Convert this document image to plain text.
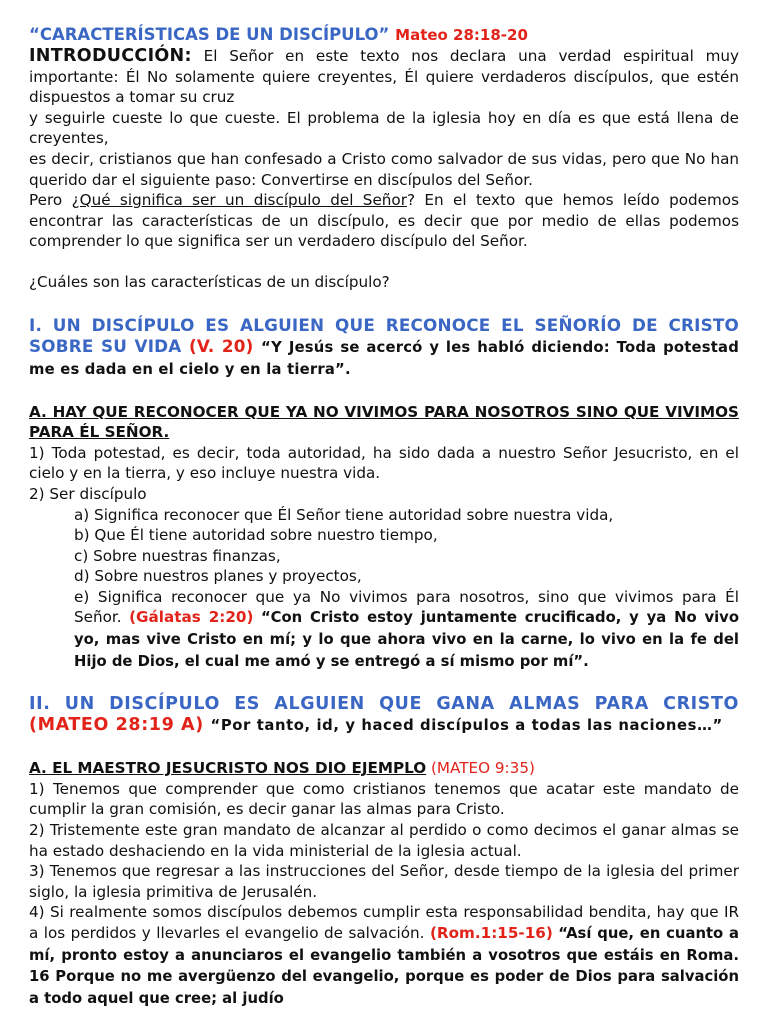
“CARACTERÍSTICAS DE UN DISCÍPULO” Mateo 28:18-20

INTRODUCCIÓN: El Señor en este texto nos declara una verdad espiritual muy importante: Él No solamente quiere creyentes, Él quiere verdaderos discípulos, que estén dispuestos a tomar su cruz

y seguirle cueste lo que cueste. El problema de la iglesia hoy en día es que está llena de creyentes,

es decir, cristianos que han confesado a Cristo como salvador de sus vidas, pero que No han querido dar el siguiente paso: Convertirse en discípulos del Señor.

Pero ¿Qué significa ser un discípulo del Señor? En el texto que hemos leído podemos encontrar las características de un discípulo, es decir que por medio de ellas podemos comprender lo que significa ser un verdadero discípulo del Señor.

¿Cuáles son las características de un discípulo?

I. UN DISCÍPULO ES ALGUIEN QUE RECONOCE EL SEÑORÍO DE CRISTO SOBRE SU VIDA (V. 20) “Y Jesús se acercó y les habló diciendo: Toda potestad me es dada en el cielo y en la tierra”.

A. HAY QUE RECONOCER QUE YA NO VIVIMOS PARA NOSOTROS SINO QUE VIVIMOS PARA ÉL SEÑOR.

1) Toda potestad, es decir, toda autoridad, ha sido dada a nuestro Señor Jesucristo, en el cielo y en la tierra, y eso incluye nuestra vida.

2) Ser discípulo

a) Significa reconocer que Él Señor tiene autoridad sobre nuestra vida,

b) Que Él tiene autoridad sobre nuestro tiempo,

c) Sobre nuestras finanzas,

d) Sobre nuestros planes y proyectos,

e) Significa reconocer que ya No vivimos para nosotros, sino que vivimos para Él Señor. (Gálatas 2:20) “Con Cristo estoy juntamente crucificado, y ya No vivo yo, mas vive Cristo en mí; y lo que ahora vivo en la carne, lo vivo en la fe del Hijo de Dios, el cual me amó y se entregó a sí mismo por mí”.

II. UN DISCÍPULO ES ALGUIEN QUE GANA ALMAS PARA CRISTO (MATEO 28:19 A) “Por tanto, id, y haced discípulos a todas las naciones…”

A. EL MAESTRO JESUCRISTO NOS DIO EJEMPLO (MATEO 9:35)

1) Tenemos que comprender que como cristianos tenemos que acatar este mandato de cumplir la gran comisión, es decir ganar las almas para Cristo.

2) Tristemente este gran mandato de alcanzar al perdido o como decimos el ganar almas se ha estado deshaciendo en la vida ministerial de la iglesia actual.

3) Tenemos que regresar a las instrucciones del Señor, desde tiempo de la iglesia del primer siglo, la iglesia primitiva de Jerusalén.

4) Si realmente somos discípulos debemos cumplir esta responsabilidad bendita, hay que IR a los perdidos y llevarles el evangelio de salvación. (Rom.1:15-16) “Así que, en cuanto a mí, pronto estoy a anunciaros el evangelio también a vosotros que estáis en Roma. 16 Porque no me avergüenzo del evangelio, porque es poder de Dios para salvación a todo aquel que cree; al judío
